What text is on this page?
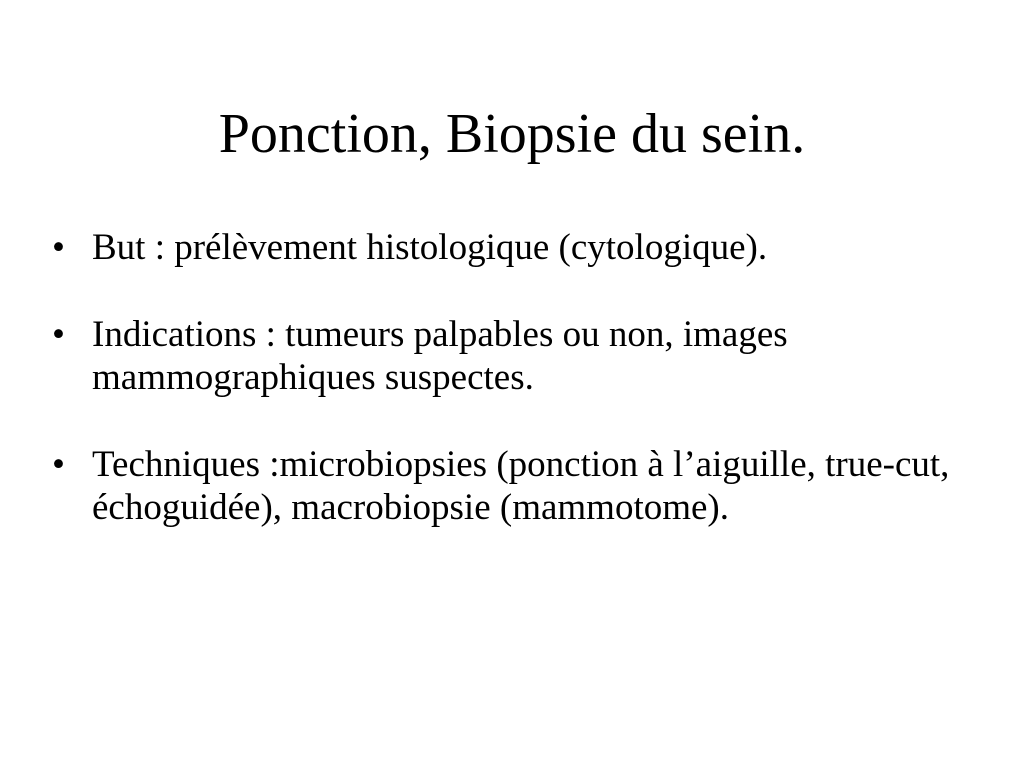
Ponction, Biopsie du sein.
• But : prélèvement histologique (cytologique).
• Indications : tumeurs palpables ou non, images mammographiques suspectes.
• Techniques :microbiopsies (ponction à l’aiguille, true-cut, échoguidée), macrobiopsie (mammotome).
